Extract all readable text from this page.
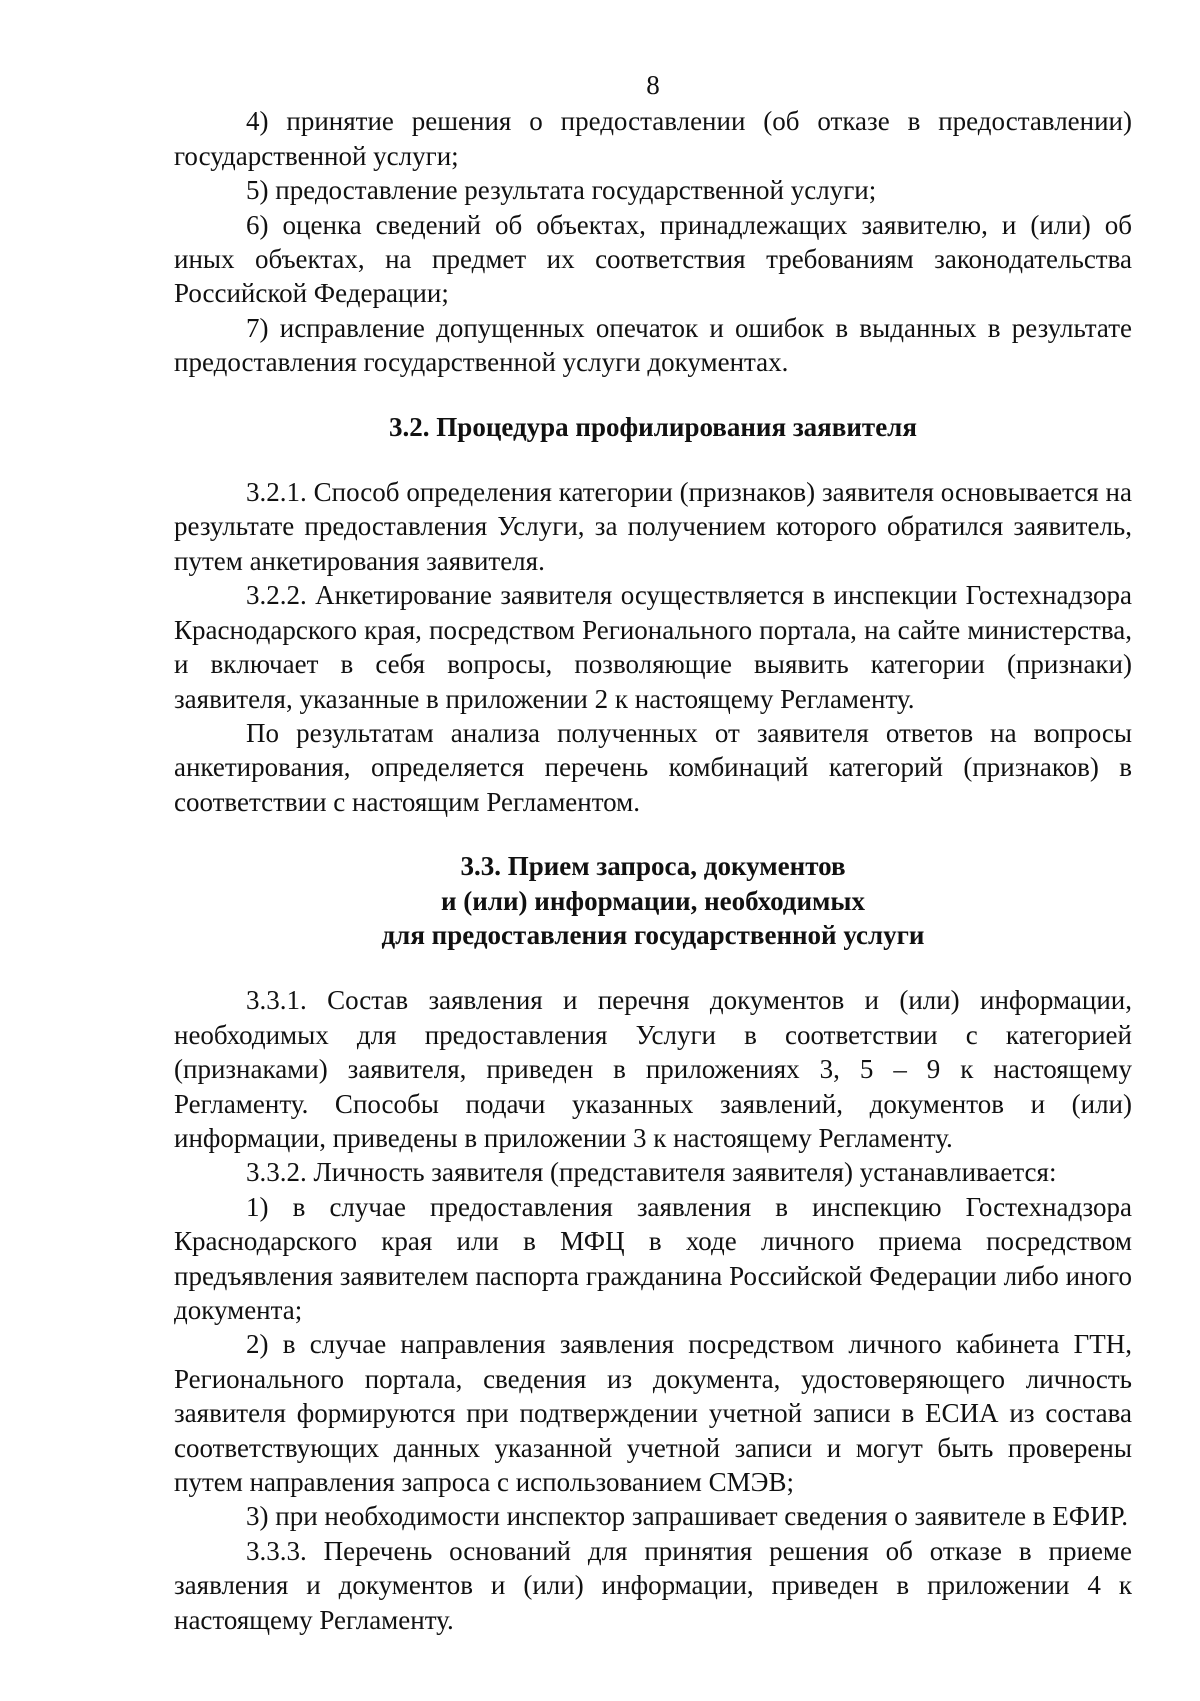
8

4) принятие решения о предоставлении (об отказе в предоставлении) государственной услуги;

5) предоставление результата государственной услуги;

6) оценка сведений об объектах, принадлежащих заявителю, и (или) об иных объектах, на предмет их соответствия требованиям законодательства Российской Федерации;

7) исправление допущенных опечаток и ошибок в выданных в результате предоставления государственной услуги документах.

3.2. Процедура профилирования заявителя

3.2.1. Способ определения категории (признаков) заявителя основывается на результате предоставления Услуги, за получением которого обратился заявитель, путем анкетирования заявителя.

3.2.2. Анкетирование заявителя осуществляется в инспекции Гостехнадзора Краснодарского края, посредством Регионального портала, на сайте министерства, и включает в себя вопросы, позволяющие выявить категории (признаки) заявителя, указанные в приложении 2 к настоящему Регламенту.

По результатам анализа полученных от заявителя ответов на вопросы анкетирования, определяется перечень комбинаций категорий (признаков) в соответствии с настоящим Регламентом.

3.3. Прием запроса, документов
и (или) информации, необходимых
для предоставления государственной услуги

3.3.1. Состав заявления и перечня документов и (или) информации, необходимых для предоставления Услуги в соответствии с категорией (признаками) заявителя, приведен в приложениях 3, 5 – 9 к настоящему Регламенту. Способы подачи указанных заявлений, документов и (или) информации, приведены в приложении 3 к настоящему Регламенту.

3.3.2. Личность заявителя (представителя заявителя) устанавливается:

1) в случае предоставления заявления в инспекцию Гостехнадзора Краснодарского края или в МФЦ в ходе личного приема посредством предъявления заявителем паспорта гражданина Российской Федерации либо иного документа;

2) в случае направления заявления посредством личного кабинета ГТН, Регионального портала, сведения из документа, удостоверяющего личность заявителя формируются при подтверждении учетной записи в ЕСИА из состава соответствующих данных указанной учетной записи и могут быть проверены путем направления запроса с использованием СМЭВ;

3) при необходимости инспектор запрашивает сведения о заявителе в ЕФИР.

3.3.3. Перечень оснований для принятия решения об отказе в приеме заявления и документов и (или) информации, приведен в приложении 4 к настоящему Регламенту.
